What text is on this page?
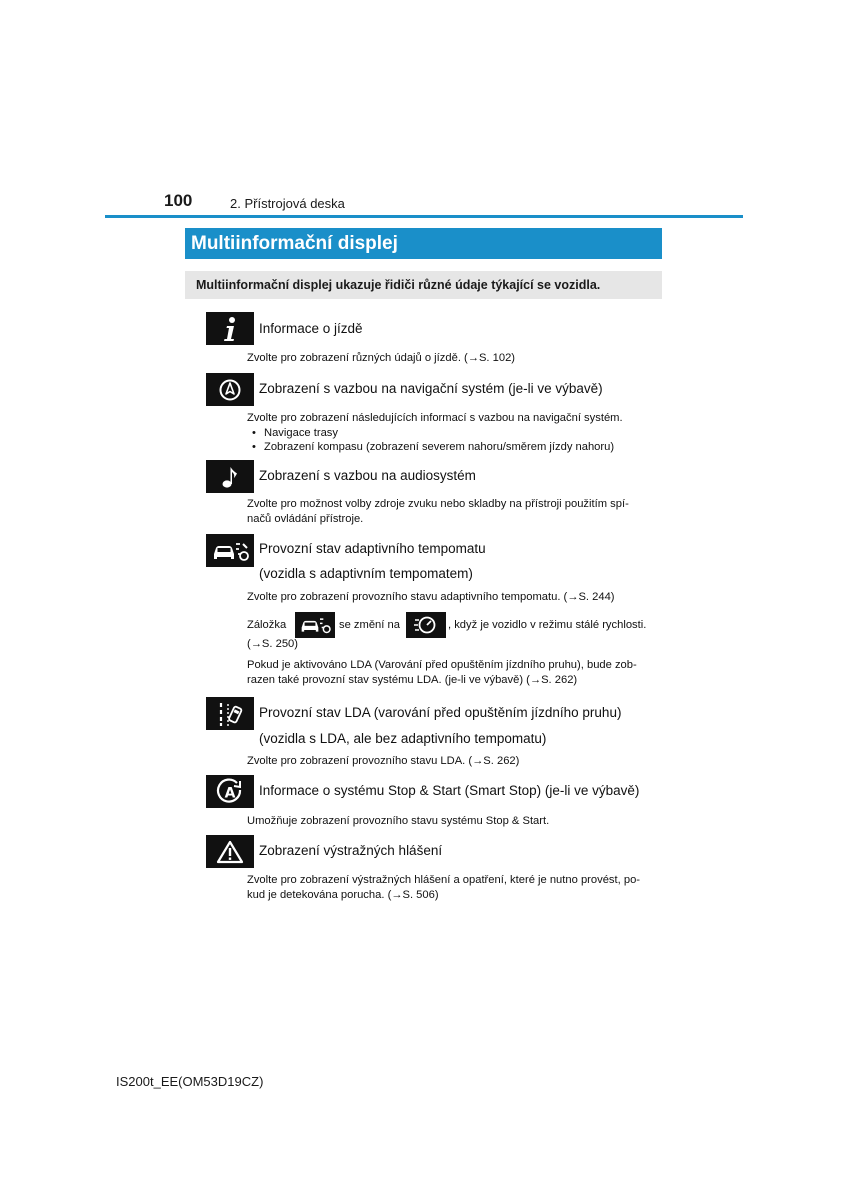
100	2. Přístrojová deska
Multiinformační displej
Multiinformační displej ukazuje řidiči různé údaje týkající se vozidla.
Informace o jízdě
Zvolte pro zobrazení různých údajů o jízdě. (→S. 102)
Zobrazení s vazbou na navigační systém (je-li ve výbavě)

Zvolte pro zobrazení následujících informací s vazbou na navigační systém.

• Navigace trasy
• Zobrazení kompasu (zobrazení severem nahoru/směrem jízdy nahoru)
Zobrazení s vazbou na audiosystém

Zvolte pro možnost volby zdroje zvuku nebo skladby na přístroji použitím spí-

načů ovládání přístroje.

Provozní stav adaptivního tempomatu
(vozidla s adaptivním tempomatem)
Zvolte pro zobrazení provozního stavu adaptivního tempomatu. (→S. 244)
Záložka	se změní na	, když je vozidlo v režimu stálé rychlosti.
(→S. 250)

Pokud je aktivováno LDA (Varování před opuštěním jízdního pruhu), bude zob-

razen také provozní stav systému LDA. (je-li ve výbavě) (→S. 262)

Provozní stav LDA (varování před opuštěním jízdního pruhu)
(vozidla s LDA, ale bez adaptivního tempomatu)
Zvolte pro zobrazení provozního stavu LDA. (→S. 262)
A Informace o systému Stop & Start (Smart Stop) (je-li ve výbavě)
Umožňuje zobrazení provozního stavu systému Stop & Start.
Zobrazení výstražných hlášení

Zvolte pro zobrazení výstražných hlášení a opatření, které je nutno provést, po-

kud je detekována porucha. (→S. 506)

IS200t_EE(OM53D19CZ)
